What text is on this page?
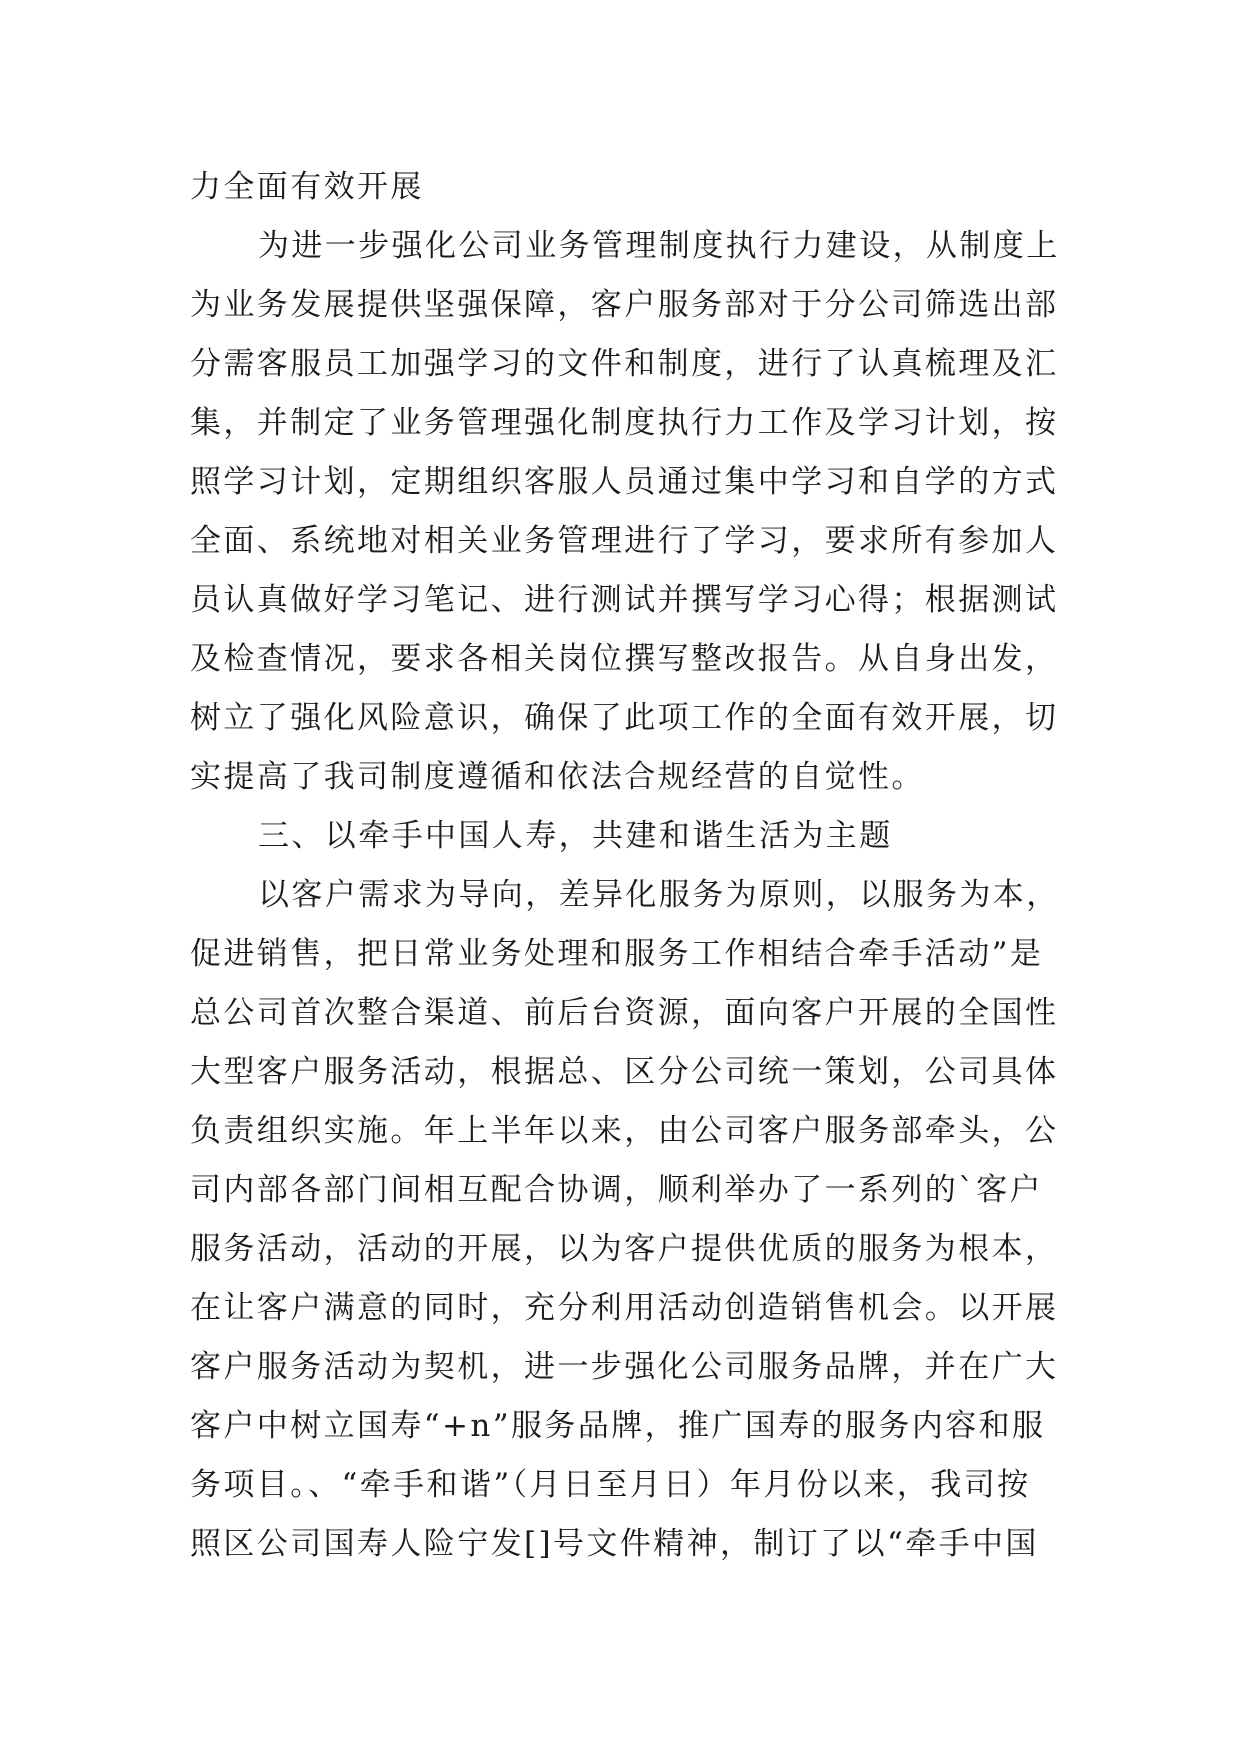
力全面有效开展
为进一步强化公司业务管理制度执行力建设，从制度上
为业务发展提供坚强保障，客户服务部对于分公司筛选出部
分需客服员工加强学习的文件和制度，进行了认真梳理及汇
集，并制定了业务管理强化制度执行力工作及学习计划，按
照学习计划，定期组织客服人员通过集中学习和自学的方式
全面、系统地对相关业务管理进行了学习，要求所有参加人
员认真做好学习笔记、进行测试并撰写学习心得；根据测试
及检查情况，要求各相关岗位撰写整改报告。从自身出发，
树立了强化风险意识，确保了此项工作的全面有效开展，切
实提高了我司制度遵循和依法合规经营的自觉性。
三、以牵手中国人寿，共建和谐生活为主题
以客户需求为导向，差异化服务为原则，以服务为本，
促进销售，把日常业务处理和服务工作相结合牵手活动”是
总公司首次整合渠道、前后台资源，面向客户开展的全国性
大型客户服务活动，根据总、区分公司统一策划，公司具体
负责组织实施。年上半年以来，由公司客户服务部牵头，公
司内部各部门间相互配合协调，顺利举办了一系列的`客户
服务活动，活动的开展，以为客户提供优质的服务为根本，
在让客户满意的同时，充分利用活动创造销售机会。以开展
客户服务活动为契机，进一步强化公司服务品牌，并在广大
客户中树立国寿“+n”服务品牌，推广国寿的服务内容和服
务项目。、“牵手和谐”（月日至月日）年月份以来，我司按
照区公司国寿人险宁发[]号文件精神，制订了以“牵手中国
